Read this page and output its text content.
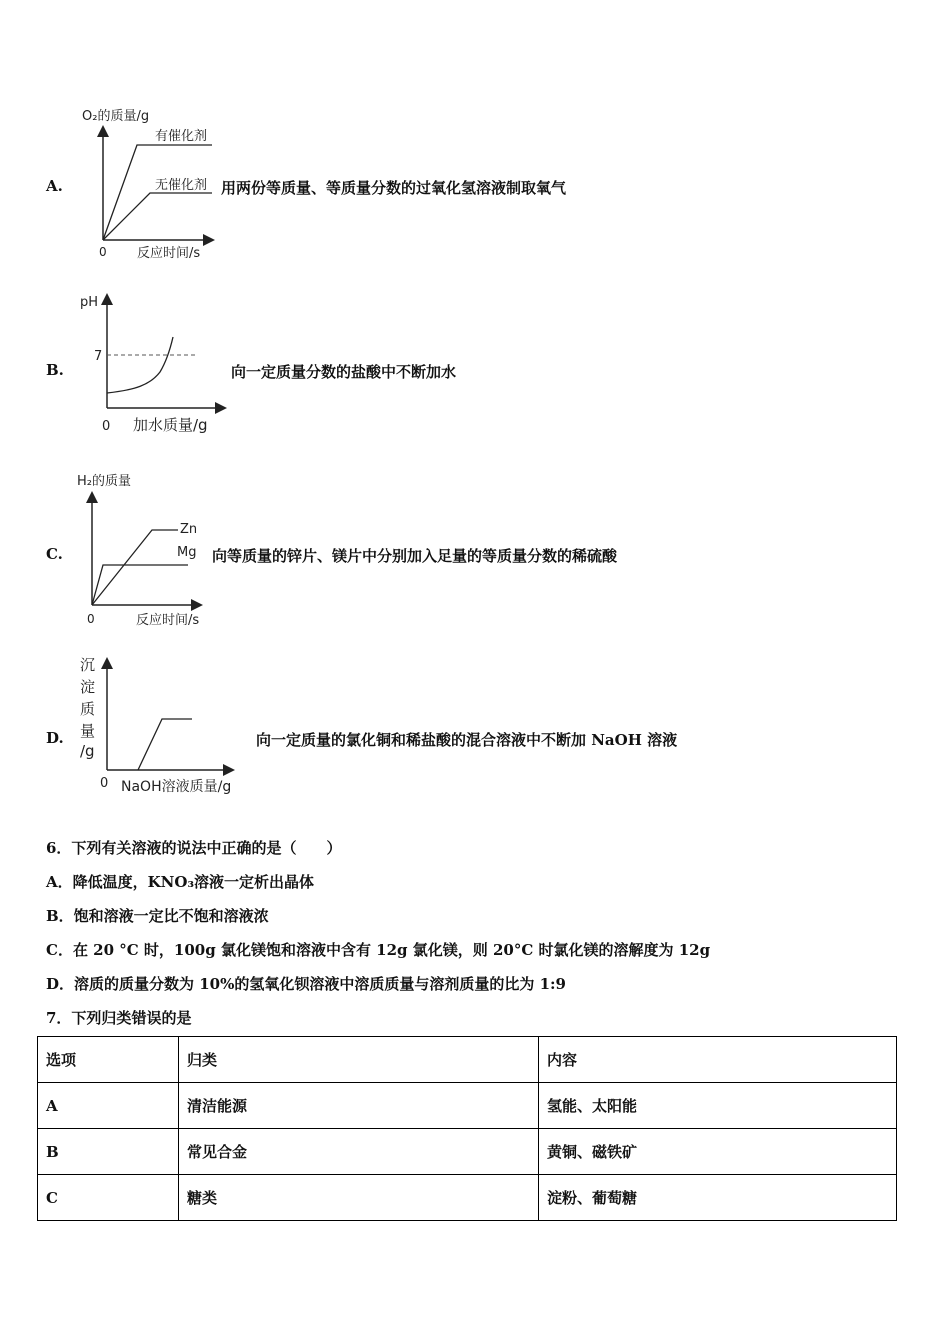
A.
O₂的质量/g
有催化剂
无催化剂
0 反应时间/s
用两份等质量、等质量分数的过氧化氢溶液制取氧气
B.
pH
7
0 加水质量/g
向一定质量分数的盐酸中不断加水
C.
H₂的质量
Zn
Mg
0	反应时间/s
向等质量的锌片、镁片中分别加入足量的等质量分数的稀硫酸
D.
沉
淀
质
量
/g
0 NaOH溶液质量/g
向一定质量的氯化铜和稀盐酸的混合溶液中不断加 NaOH 溶液
6．下列有关溶液的说法中正确的是（　　）
A．降低温度，KNO₃溶液一定析出晶体
B．饱和溶液一定比不饱和溶液浓
C．在 20 °C 时，100g 氯化镁饱和溶液中含有 12g 氯化镁，则 20°C 时氯化镁的溶解度为 12g
D．溶质的质量分数为 10%的氢氧化钡溶液中溶质质量与溶剂质量的比为 1:9
7．下列归类错误的是
选项	归类	内容
A	清洁能源	氢能、太阳能
B	常见合金	黄铜、磁铁矿
C	糖类	淀粉、葡萄糖
